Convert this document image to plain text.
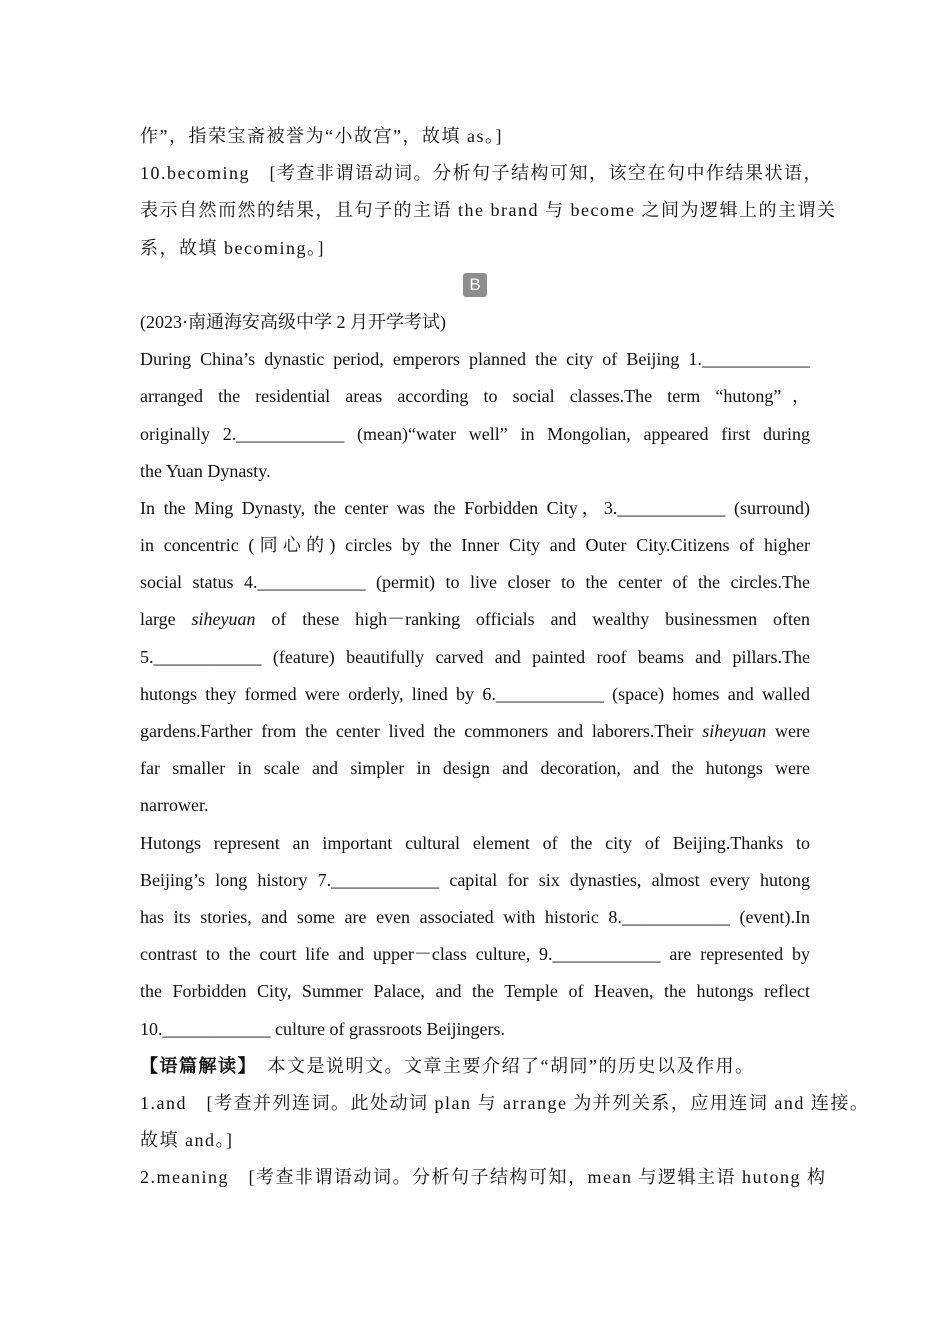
作”，指荣宝斋被誉为“小故宫”，故填 as。]
10.becoming　[考查非谓语动词。分析句子结构可知，该空在句中作结果状语，
表示自然而然的结果，且句子的主语 the brand 与 become 之间为逻辑上的主谓关
系，故填 becoming。]
B
(2023·南通海安高级中学 2 月开学考试)
During China’s dynastic period, emperors planned the city of Beijing 1.____________
arranged the residential areas according to social classes.The term “hutong”，
originally 2.____________ (mean)“water well” in Mongolian, appeared first during
the Yuan Dynasty.
In the Ming Dynasty, the center was the Forbidden City，3.____________ (surround)
in concentric (同心的) circles by the Inner City and Outer City.Citizens of higher
social status 4.____________ (permit) to live closer to the center of the circles.The
large siheyuan of these high－ranking officials and wealthy businessmen often
5.____________ (feature) beautifully carved and painted roof beams and pillars.The
hutongs they formed were orderly, lined by 6.____________ (space) homes and walled
gardens.Farther from the center lived the commoners and laborers.Their siheyuan were
far smaller in scale and simpler in design and decoration, and the hutongs were
narrower.
Hutongs represent an important cultural element of the city of Beijing.Thanks to
Beijing’s long history 7.____________ capital for six dynasties, almost every hutong
has its stories, and some are even associated with historic 8.____________ (event).In
contrast to the court life and upper－class culture, 9.____________ are represented by
the Forbidden City, Summer Palace, and the Temple of Heaven, the hutongs reflect
10.____________ culture of grassroots Beijingers.
【语篇解读】　本文是说明文。文章主要介绍了“胡同”的历史以及作用。
1.and　[考查并列连词。此处动词 plan 与 arrange 为并列关系，应用连词 and 连接。
故填 and。]
2.meaning　[考查非谓语动词。分析句子结构可知，mean 与逻辑主语 hutong 构
